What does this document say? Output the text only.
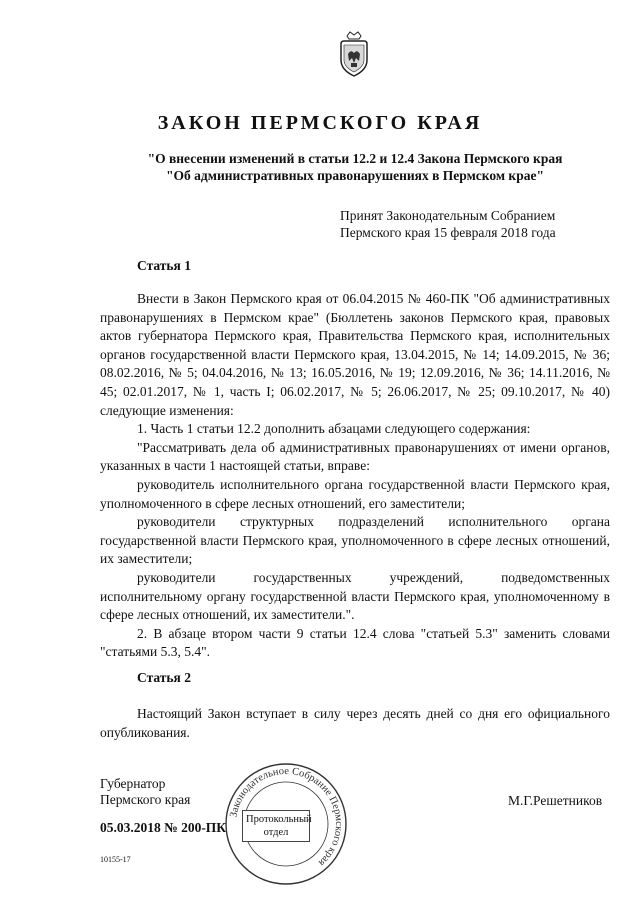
ЗАКОН ПЕРМСКОГО КРАЯ
"О внесении изменений в статьи 12.2 и 12.4 Закона Пермского края
"Об административных правонарушениях в Пермском крае"
Принят Законодательным Собранием
Пермского края 15 февраля 2018 года
Статья 1

Внести в Закон Пермского края от 06.04.2015 № 460-ПК "Об административных правонарушениях в Пермском крае" (Бюллетень законов Пермского края, правовых актов губернатора Пермского края, Правительства Пермского края, исполнительных органов государственной власти Пермского края, 13.04.2015, № 14; 14.09.2015, № 36; 08.02.2016, № 5; 04.04.2016, № 13; 16.05.2016, № 19; 12.09.2016, № 36; 14.11.2016, № 45; 02.01.2017, № 1, часть I; 06.02.2017, № 5; 26.06.2017, № 25; 09.10.2017, № 40) следующие изменения:

1. Часть 1 статьи 12.2 дополнить абзацами следующего содержания:

"Рассматривать дела об административных правонарушениях от имени органов, указанных в части 1 настоящей статьи, вправе:

руководитель исполнительного органа государственной власти Пермского края, уполномоченного в сфере лесных отношений, его заместители;

руководители структурных подразделений исполнительного органа государственной власти Пермского края, уполномоченного в сфере лесных отношений, их заместители;

руководители государственных учреждений, подведомственных исполнительному органу государственной власти Пермского края, уполномоченному в сфере лесных отношений, их заместители.".

2. В абзаце втором части 9 статьи 12.4 слова "статьей 5.3" заменить словами "статьями 5.3, 5.4".

Статья 2

Настоящий Закон вступает в силу через десять дней со дня его официального опубликования.

Губернатор
Пермского края	М.Г.Решетников
Законодательное Собрание Пермского края
Протокольный
отдел
05.03.2018 № 200-ПК
10155-17
